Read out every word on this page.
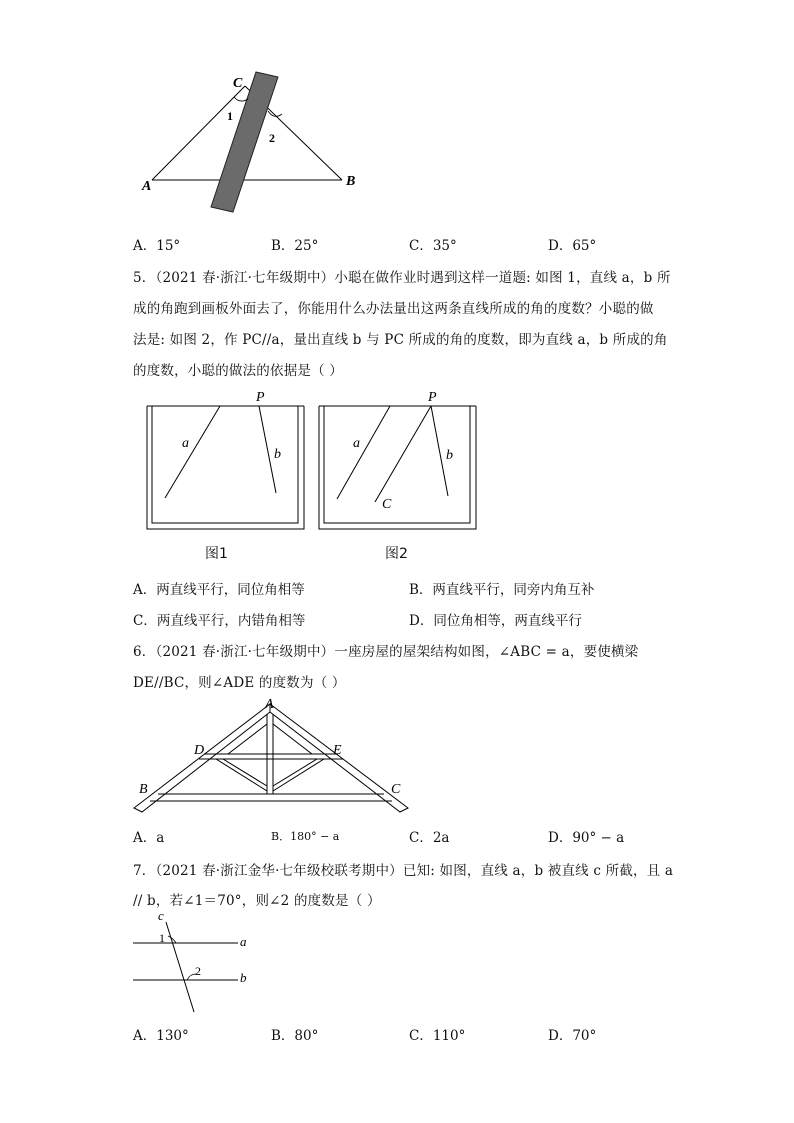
C
A	B
1
2
A．15°	B．25°	C．35°	D．65°
5．（2021 春·浙江·七年级期中）小聪在做作业时遇到这样一道题: 如图 1，直线 a，b 所
成的角跑到画板外面去了，你能用什么办法量出这两条直线所成的角的度数？小聪的做
法是: 如图 2，作 PC//a，量出直线 b 与 PC 所成的角的度数，即为直线 a，b 所成的角
的度数，小聪的做法的依据是（ ）
P
a
b
图1
P
a
b
C
图2
A．两直线平行，同位角相等	B．两直线平行，同旁内角互补
C．两直线平行，内错角相等	D．同位角相等，两直线平行
6．（2021 春·浙江·七年级期中）一座房屋的屋架结构如图，∠ABC = a，要使横梁
DE//BC，则∠ADE 的度数为（ ）
A
B	C
D	E
A．a	B．180° − a	C．2a	D．90° − a
7．（2021 春·浙江金华·七年级校联考期中）已知: 如图，直线 a，b 被直线 c 所截，且 a
// b，若∠1＝70°，则∠2 的度数是（ ）
c
1	a
2	b
A．130°	B．80°	C．110°	D．70°
